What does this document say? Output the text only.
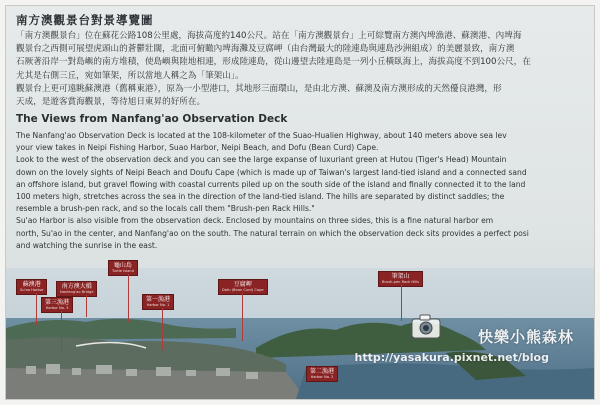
南方澳觀景台對景導覽圖
「南方澳觀景台」位在蘇花公路108公里處，海拔高度約140公尺。站在「南方澳觀景台」上可綜覽南方澳內埤漁港、蘇澳港、內埤海
觀景台之西側可展望虎頭山的蒼鬱壯闊，北面可俯瞰內埤海灘及豆腐岬（由台灣最大的陸連島與連島沙洲組成）的美麗景致，南方澳
石厥著沿岸一對島嶼的南方堆積，使島嶼與陸地相連，形成陸連島，從山邊望去陸連島是一列小丘橫臥海上，海拔高度不到100公尺，在
尤其是右側三丘，宛如筆架，所以當地人稱之為「筆架山」。
觀景台上更可遠眺蘇澳港（舊稱東港），原為一小型港口，其地形三面環山，是由北方澳、蘇澳及南方澳形成的天然優良港灣，形
天成，是遊客賞海觀景，等待旭日東昇的好所在。
The Views from Nanfang'ao Observation Deck
The Nanfang'ao Observation Deck is located at the 108-kilometer of the Suao-Hualien Highway, about 140 meters above sea lev
your view takes in Neipi Fishing Harbor, Suao Harbor, Neipi Beach, and Dofu (Bean Curd) Cape.
Look to the west of the observation deck and you can see the large expanse of luxuriant green at Hutou (Tiger's Head) Mountain
down on the lovely sights of Neipi Beach and Doufu Cape (which is made up of Taiwan's largest land-tied island and a connected sand
an offshore island, but gravel flowing with coastal currents piled up on the south side of the island and finally connected it to the land
100 meters high, stretches across the sea in the direction of the land-tied island. The hills are separated by distinct saddles; the
resemble a brush-pen rack, and so the locals call them "Brush-pen Rack Hills."
Su'ao Harbor is also visible from the observation deck. Enclosed by mountains on three sides, this is a fine natural harbor em
north, Su'ao in the center, and Nanfang'ao on the south. The natural terrain on which the observation deck sits provides a perfect posi
and watching the sunrise in the east.
蘇澳港
Su'ao Harbor	南方澳大橋
Nanfang'ao Bridge
第三漁港
Harbor No. 3
龜山島
Turtle Island
第一漁港
Harbor No. 1
豆腐岬
Dofu (Bean Curd) Cape
筆架山
Brush-pen Rack Hills
第二漁港
Harbor No. 2
快樂小熊森林
http://yasakura.pixnet.net/blog
